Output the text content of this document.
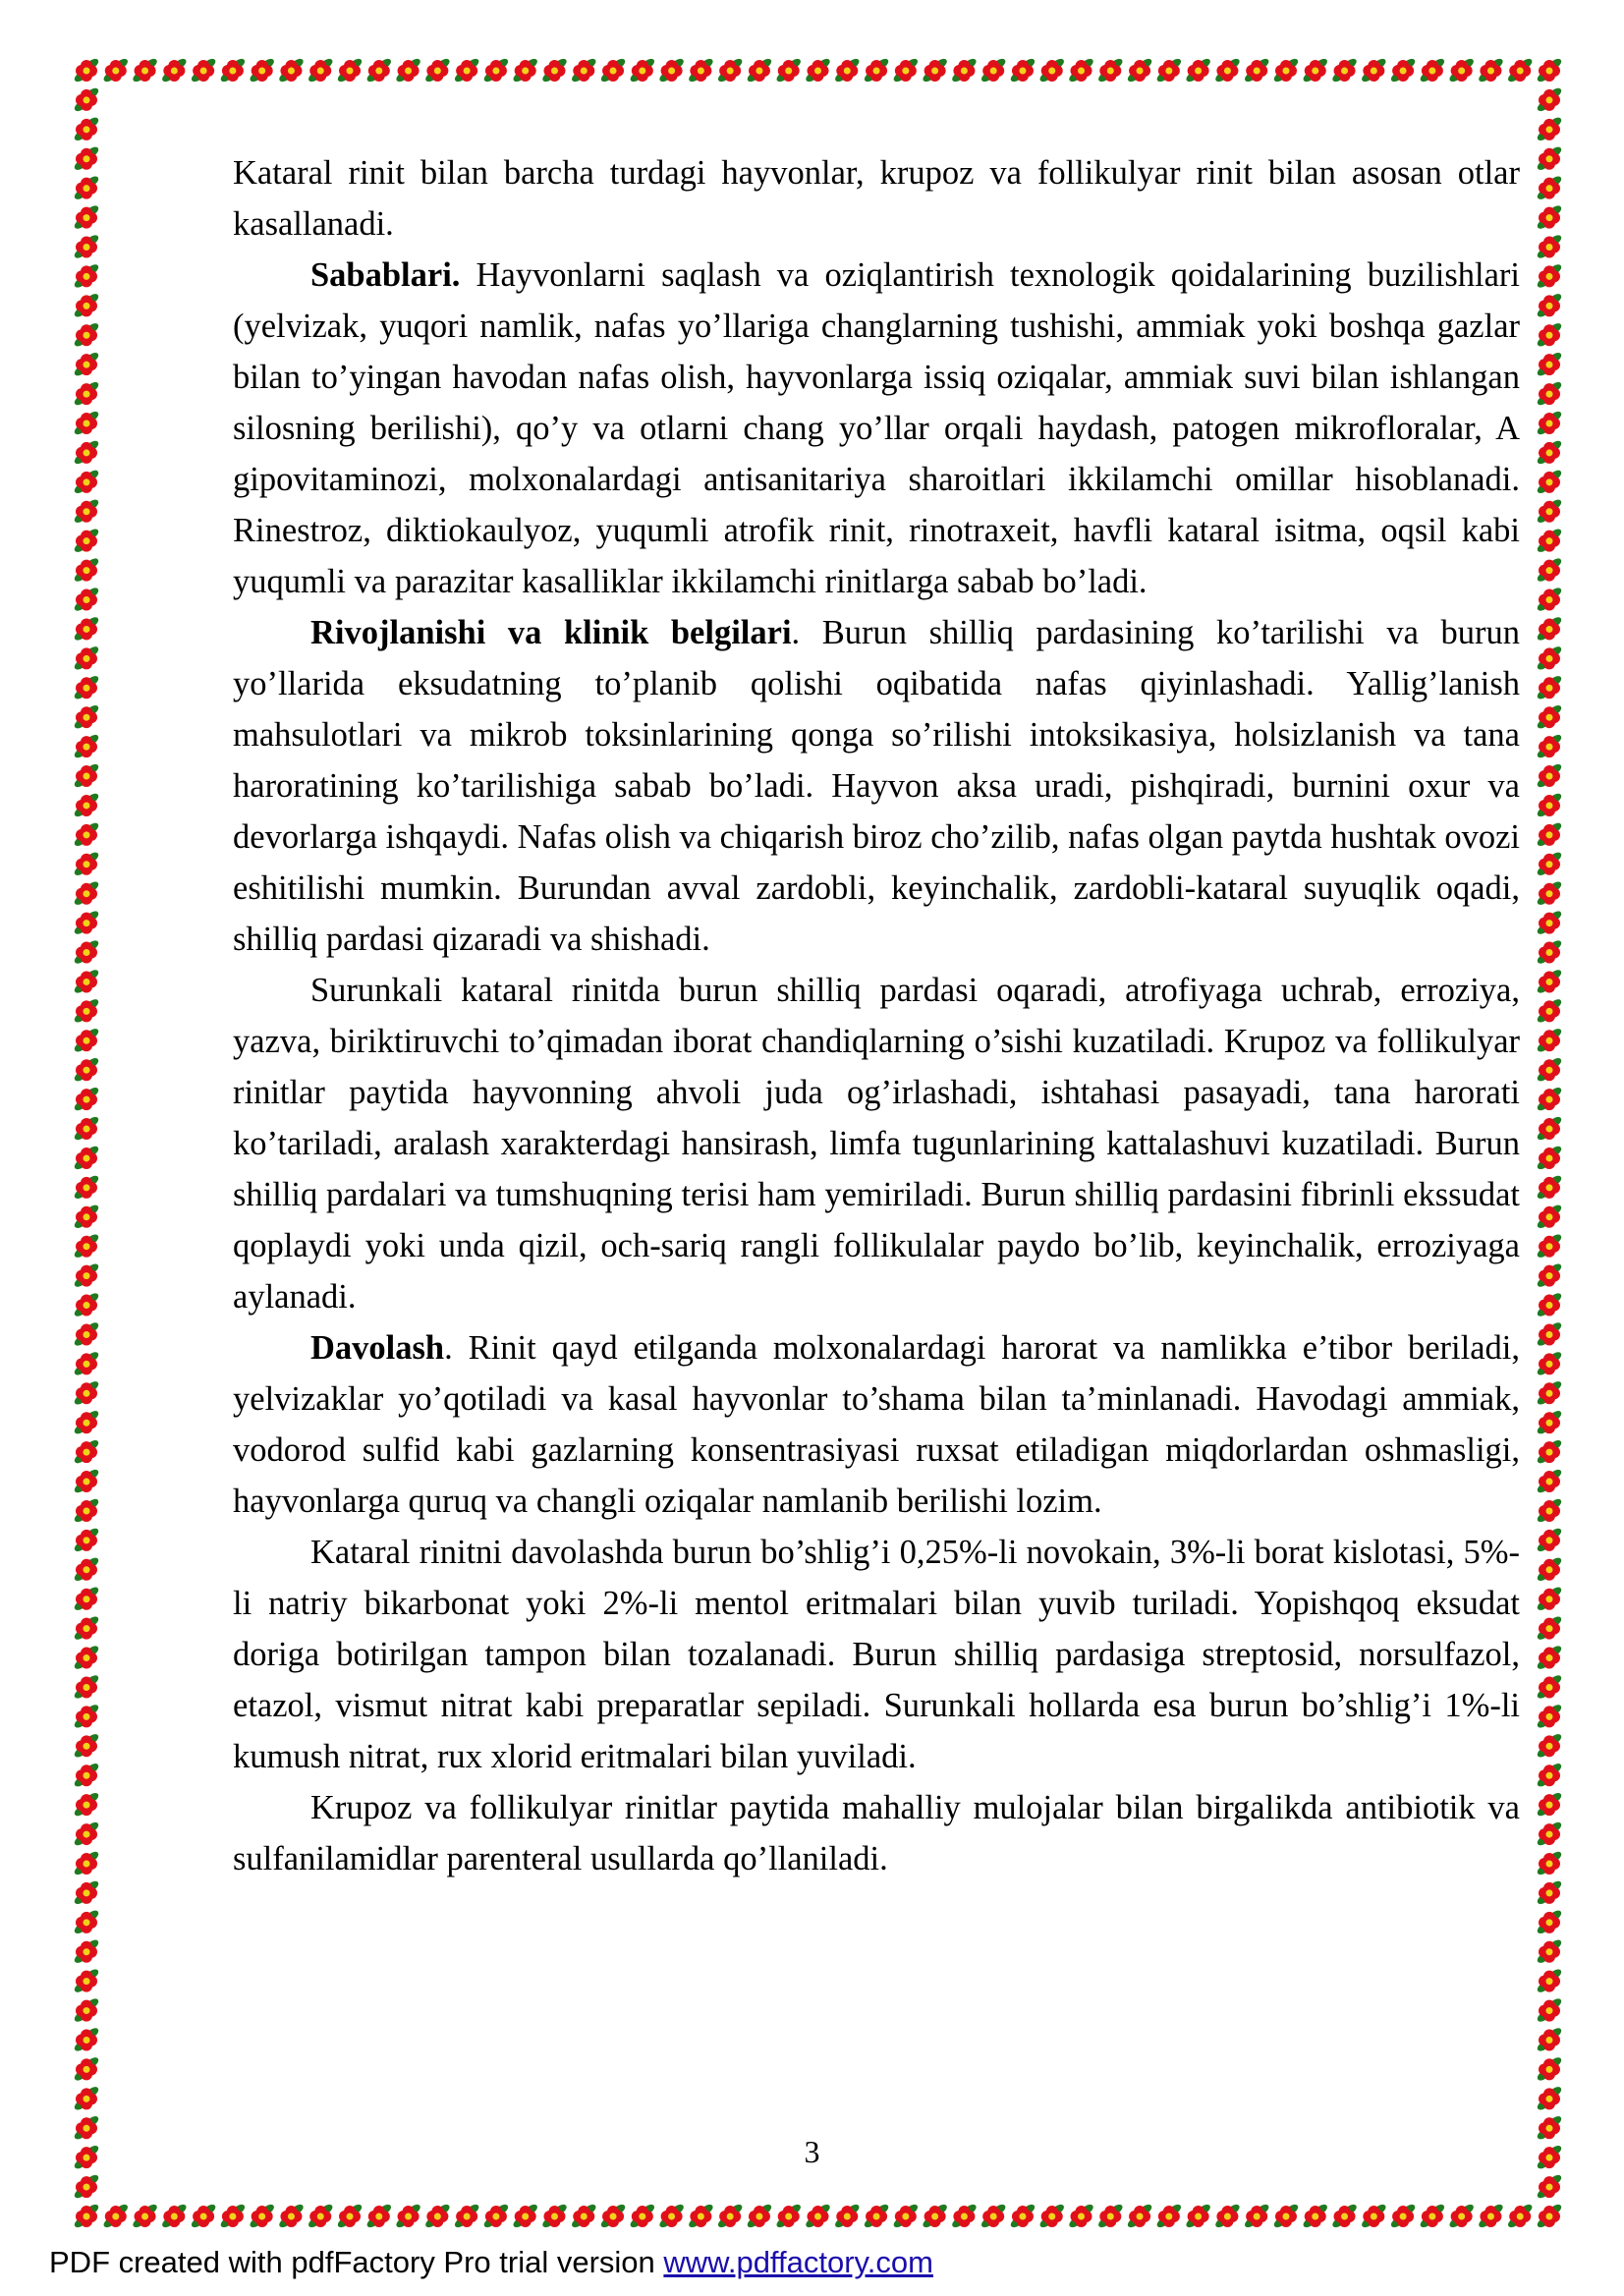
Kataral rinit bilan barcha turdagi hayvonlar, krupoz va follikulyar rinit bilan asosan otlar kasallanadi.

Sabablari. Hayvonlarni saqlash va oziqlantirish texnologik qoidalarining buzilishlari (yelvizak, yuqori namlik, nafas yo’llariga changlarning tushishi, ammiak yoki boshqa gazlar bilan to’yingan havodan nafas olish, hayvonlarga issiq oziqalar, ammiak suvi bilan ishlangan silosning berilishi), qo’y va otlarni chang yo’llar orqali haydash, patogen mikrofloralar, A gipovitaminozi, molxonalardagi antisanitariya sharoitlari ikkilamchi omillar hisoblanadi. Rinestroz, diktiokaulyoz, yuqumli atrofik rinit, rinotraxeit, havfli kataral isitma, oqsil kabi yuqumli va parazitar kasalliklar ikkilamchi rinitlarga sabab bo’ladi.

Rivojlanishi va klinik belgilari. Burun shilliq pardasining ko’tarilishi va burun yo’llarida eksudatning to’planib qolishi oqibatida nafas qiyinlashadi. Yallig’lanish mahsulotlari va mikrob toksinlarining qonga so’rilishi intoksikasiya, holsizlanish va tana haroratining ko’tarilishiga sabab bo’ladi. Hayvon aksa uradi, pishqiradi, burnini oxur va devorlarga ishqaydi. Nafas olish va chiqarish biroz cho’zilib, nafas olgan paytda hushtak ovozi eshitilishi mumkin. Burundan avval zardobli, keyinchalik, zardobli-kataral suyuqlik oqadi, shilliq pardasi qizaradi va shishadi.

Surunkali kataral rinitda burun shilliq pardasi oqaradi, atrofiyaga uchrab, erroziya, yazva, biriktiruvchi to’qimadan iborat chandiqlarning o’sishi kuzatiladi. Krupoz va follikulyar rinitlar paytida hayvonning ahvoli juda og’irlashadi, ishtahasi pasayadi, tana harorati ko’tariladi, aralash xarakterdagi hansirash, limfa tugunlarining kattalashuvi kuzatiladi. Burun shilliq pardalari va tumshuqning terisi ham yemiriladi. Burun shilliq pardasini fibrinli ekssudat qoplaydi yoki unda qizil, och-sariq rangli follikulalar paydo bo’lib, keyinchalik, erroziyaga aylanadi.

Davolash. Rinit qayd etilganda molxonalardagi harorat va namlikka e’tibor beriladi, yelvizaklar yo’qotiladi va kasal hayvonlar to’shama bilan ta’minlanadi. Havodagi ammiak, vodorod sulfid kabi gazlarning konsentrasiyasi ruxsat etiladigan miqdorlardan oshmasligi, hayvonlarga quruq va changli oziqalar namlanib berilishi lozim.

Kataral rinitni davolashda burun bo’shlig’i 0,25%-li novokain, 3%-li borat kislotasi, 5%-li natriy bikarbonat yoki 2%-li mentol eritmalari bilan yuvib turiladi. Yopishqoq eksudat doriga botirilgan tampon bilan tozalanadi. Burun shilliq pardasiga streptosid, norsulfazol, etazol, vismut nitrat kabi preparatlar sepiladi. Surunkali hollarda esa burun bo’shlig’i 1%-li kumush nitrat, rux xlorid eritmalari bilan yuviladi.

Krupoz va follikulyar rinitlar paytida mahalliy mulojalar bilan birgalikda antibiotik va sulfanilamidlar parenteral usullarda qo’llaniladi.

3
PDF created with pdfFactory Pro trial version www.pdffactory.com
